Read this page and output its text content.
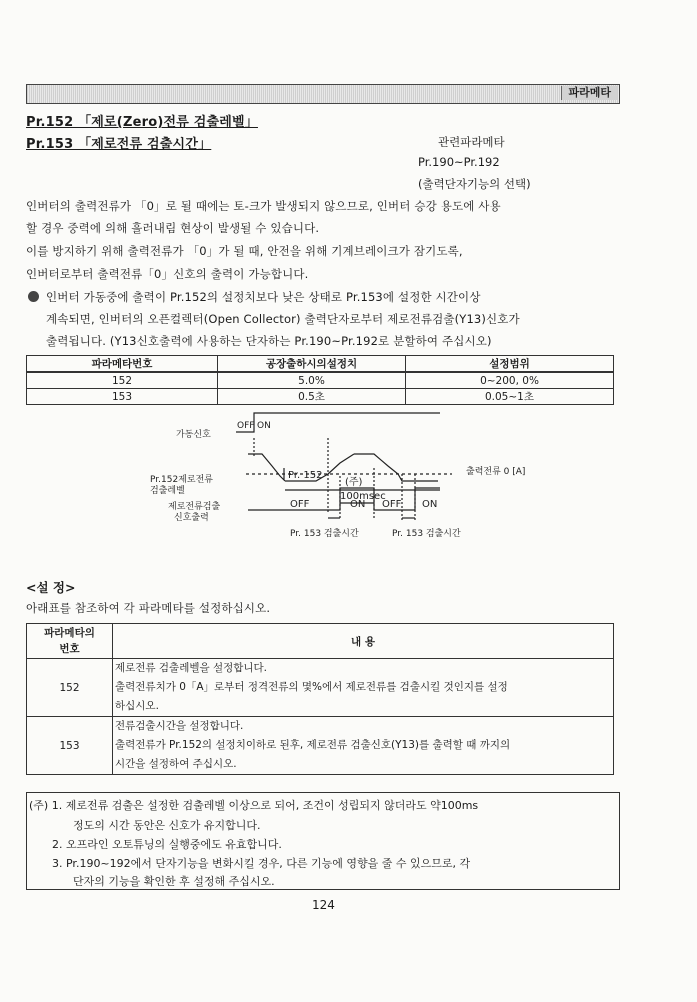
파라메타
Pr.152 「제로(Zero)전류 검출레벨」
Pr.153 「제로전류 검출시간」	관련파라메타
Pr.190~Pr.192
(출력단자기능의 선택)
인버터의 출력전류가 「0」로 될 때에는 토-크가 발생되지 않으므로, 인버터 승강 용도에 사용
할 경우 중력에 의해 흘러내림 현상이 발생될 수 있습니다.
이를 방지하기 위해 출력전류가 「0」가 될 때, 안전을 위해 기계브레이크가 잠기도록,
인버터로부터 출력전류「0」신호의 출력이 가능합니다.
인버터 가동중에 출력이 Pr.152의 설정치보다 낮은 상태로 Pr.153에 설정한 시간이상
계속되면, 인버터의 오픈컬렉터(Open Collector) 출력단자로부터 제로전류검출(Y13)신호가
출력됩니다. (Y13신호출력에 사용하는 단자하는 Pr.190~Pr.192로 분할하여 주십시오)
파라메타번호	공장출하시의설정치	설정범위
152	5.0%	0~200, 0%
153	0.5초	0.05~1초
가동신호
OFF ON
Pr.152제로전류
검출레벨
Pr. 152	출력전류 0 [A]
(주)
100msec
제로전류검출
신호출력
OFF	ON OFF ON
Pr. 153 검출시간	Pr. 153 검출시간
<설 정>
아래표를 참조하여 각 파라메타를 설정하십시오.
파라메타의
번호	내 용
152	제로전류 검출레벨을 설정합니다.
출력전류치가 0「A」로부터 정격전류의 몇%에서 제로전류를 검출시킬 것인지를 설정
하십시오.

153	전류검출시간을 설정합니다.
출력전류가 Pr.152의 설정치이하로 된후, 제로전류 검출신호(Y13)를 출력할 때 까지의
시간을 설정하여 주십시오.
(주) 1. 제로전류 검출은 설정한 검출레벨 이상으로 되어, 조건이 성립되지 않더라도 약100ms
정도의 시간 동안은 신호가 유지합니다.
2. 오프라인 오토튜닝의 실행중에도 유효합니다.
3. Pr.190~192에서 단자기능을 변화시킬 경우, 다른 기능에 영향을 줄 수 있으므로, 각
단자의 기능을 확인한 후 설정해 주십시오.
124
